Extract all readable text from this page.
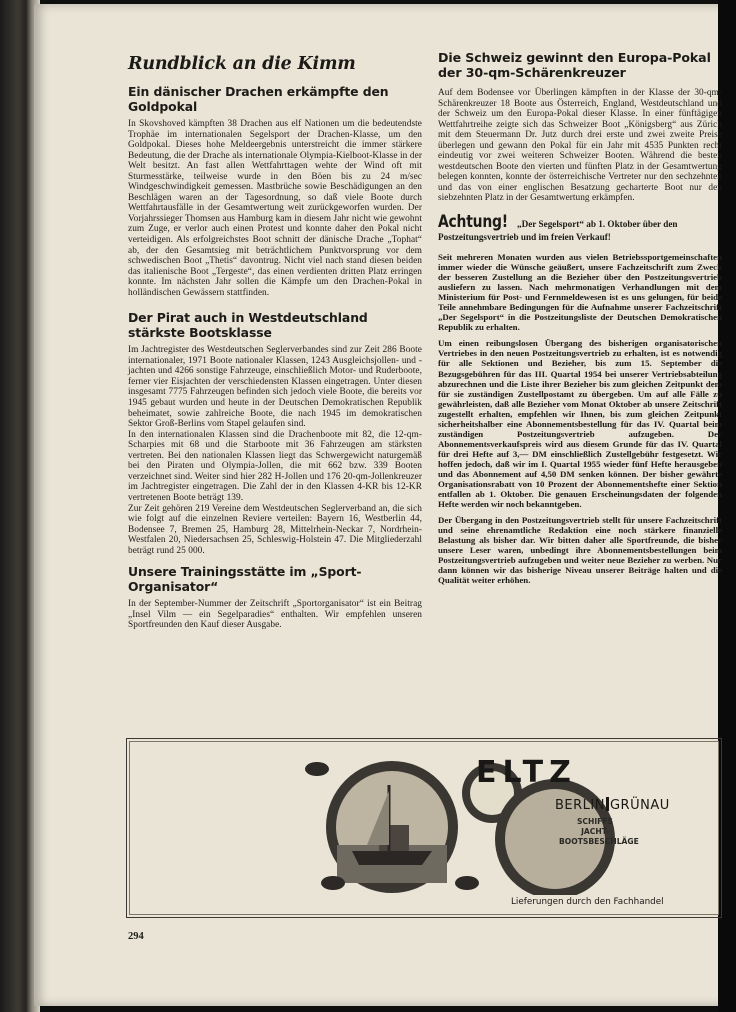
Rundblick an die Kimm
Ein dänischer Drachen erkämpfte den Goldpokal

In Skovshoved kämpften 38 Drachen aus elf Nationen um die bedeutendste Trophäe im internationalen Segelsport der Drachen-Klasse, um den Goldpokal. Dieses hohe Meldeergebnis unterstreicht die immer stärkere Bedeutung, die der Drache als internationale Olympia-Kielboot-Klasse in der Welt besitzt. An fast allen Wettfahrttagen wehte der Wind oft mit Sturmesstärke, teilweise wurde in den Böen bis zu 24 m/sec Windgeschwindigkeit gemessen. Mastbrüche sowie Beschädigungen an den Beschlägen waren an der Tagesordnung, so daß viele Boote durch Wettfahrtausfälle in der Gesamtwertung weit zurückgeworfen wurden. Der Vorjahrssieger Thomsen aus Hamburg kam in diesem Jahr nicht wie gewohnt zum Zuge, er verlor auch einen Protest und konnte daher den Pokal nicht verteidigen. Als erfolgreichstes Boot schnitt der dänische Drache „Tophat“ ab, der den Gesamtsieg mit beträchtlichem Punktvorsprung vor dem schwedischen Boot „Thetis“ davontrug. Nicht viel nach stand diesen beiden das italienische Boot „Tergeste“, das einen verdienten dritten Platz erringen konnte. Im nächsten Jahr sollen die Kämpfe um den Drachen-Pokal in holländischen Gewässern stattfinden.

Der Pirat auch in Westdeutschland stärkste Bootsklasse

Im Jachtregister des Westdeutschen Seglerverbandes sind zur Zeit 286 Boote internationaler, 1971 Boote nationaler Klassen, 1243 Ausgleichsjollen- und -jachten und 4266 sonstige Fahrzeuge, einschließlich Motor- und Ruderboote, ferner vier Eisjachten der verschiedensten Klassen eingetragen. Unter diesen insgesamt 7775 Fahrzeugen befinden sich jedoch viele Boote, die bereits vor 1945 gebaut wurden und heute in der Deutschen Demokratischen Republik beheimatet, sowie zahlreiche Boote, die nach 1945 im demokratischen Sektor Groß-Berlins vom Stapel gelaufen sind.

In den internationalen Klassen sind die Drachenboote mit 82, die 12-qm-Scharpies mit 68 und die Starboote mit 36 Fahrzeugen am stärksten vertreten. Bei den nationalen Klassen liegt das Schwergewicht naturgemäß bei den Piraten und Olympia-Jollen, die mit 662 bzw. 339 Booten verzeichnet sind. Weiter sind hier 282 H-Jollen und 176 20-qm-Jollenkreuzer im Jachtregister eingetragen. Die Zahl der in den Klassen 4-KR bis 12-KR vertretenen Boote beträgt 139.

Zur Zeit gehören 219 Vereine dem Westdeutschen Seglerverband an, die sich wie folgt auf die einzelnen Reviere verteilen: Bayern 16, Westberlin 44, Bodensee 7, Bremen 25, Hamburg 28, Mittelrhein-Neckar 7, Nordrhein-Westfalen 20, Niedersachsen 25, Schleswig-Holstein 47. Die Mitgliederzahl beträgt rund 25 000.

Unsere Trainingsstätte im „Sport-Organisator“

In der September-Nummer der Zeitschrift „Sportorganisator“ ist ein Beitrag „Insel Vilm — ein Segelparadies“ enthalten. Wir empfehlen unseren Sportfreunden den Kauf dieser Ausgabe.

Die Schweiz gewinnt den Europa-Pokal der 30-qm-Schärenkreuzer

Auf dem Bodensee vor Überlingen kämpften in der Klasse der 30-qm-Schärenkreuzer 18 Boote aus Österreich, England, Westdeutschland und der Schweiz um den Europa-Pokal dieser Klasse. In einer fünftägigen Wettfahrtreihe zeigte sich das Schweizer Boot „Königsberg“ aus Zürich mit dem Steuermann Dr. Jutz durch drei erste und zwei zweite Preise überlegen und gewann den Pokal für ein Jahr mit 4535 Punkten recht eindeutig vor zwei weiteren Schweizer Booten. Während die besten westdeutschen Boote den vierten und fünften Platz in der Gesamtwertung belegen konnten, konnte der österreichische Vertreter nur den sechzehnten und das von einer englischen Besatzung gecharterte Boot nur den siebzehnten Platz in der Gesamtwertung erkämpfen.

Achtung! „Der Segelsport“ ab 1. Oktober über den
Postzeitungsvertrieb und im freien Verkauf!

Seit mehreren Monaten wurden aus vielen Betriebssportgemeinschaften immer wieder die Wünsche geäußert, unsere Fachzeitschrift zum Zweck der besseren Zustellung an die Bezieher über den Postzeitungsvertrieb ausliefern zu lassen. Nach mehrmonatigen Verhandlungen mit dem Ministerium für Post- und Fernmeldewesen ist es uns gelungen, für beide Teile annehmbare Bedingungen für die Aufnahme unserer Fachzeitschrift „Der Segelsport“ in die Postzeitungsliste der Deutschen Demokratischen Republik zu erhalten.

Um einen reibungslosen Übergang des bisherigen organisatorischen Vertriebes in den neuen Postzeitungsvertrieb zu erhalten, ist es notwendig für alle Sektionen und Bezieher, bis zum 15. September die Bezugsgebühren für das III. Quartal 1954 bei unserer Vertriebsabteilung abzurechnen und die Liste ihrer Bezieher bis zum gleichen Zeitpunkt dem für sie zuständigen Zustellpostamt zu übergeben. Um auf alle Fälle zu gewährleisten, daß alle Bezieher vom Monat Oktober ab unsere Zeitschrift zugestellt erhalten, empfehlen wir Ihnen, bis zum gleichen Zeitpunkt sicherheitshalber eine Abonnementsbestellung für das IV. Quartal beim zuständigen Postzeitungsvertrieb aufzugeben. Der Abonnementsverkaufspreis wird aus diesem Grunde für das IV. Quartal für drei Hefte auf 3,— DM einschließlich Zustellgebühr festgesetzt. Wir hoffen jedoch, daß wir im I. Quartal 1955 wieder fünf Hefte herausgeben und das Abonnement auf 4,50 DM senken können. Der bisher gewährte Organisationsrabatt von 10 Prozent der Abonnementshefte einer Sektion entfallen ab 1. Oktober. Die genauen Erscheinungsdaten der folgenden Hefte werden wir noch bekanntgeben.

Der Übergang in den Postzeitungsvertrieb stellt für unsere Fachzeitschrift und seine ehrenamtliche Redaktion eine noch stärkere finanzielle Belastung als bisher dar. Wir bitten daher alle Sportfreunde, die bisher unsere Leser waren, unbedingt ihre Abonnementsbestellungen beim Postzeitungsvertrieb aufzugeben und weiter neue Bezieher zu werben. Nur dann können wir das bisherige Niveau unserer Beiträge halten und die Qualität weiter erhöhen.

ELTZ
BERLIN GRÜNAU
SCHIFFS
JACHT-
BOOTSBESCHLÄGE
Lieferungen durch den Fachhandel
294
